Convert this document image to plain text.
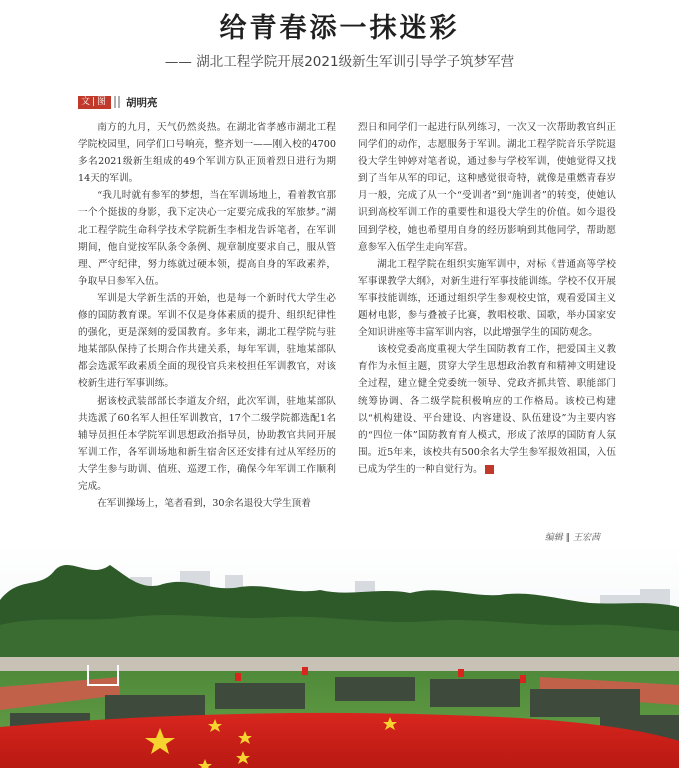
给青春添一抹迷彩
—— 湖北工程学院开展2021级新生军训引导学子筑梦军营
文|图 胡明亮

南方的九月，天气仍然炎热。在湖北省孝感市湖北工程学院校园里，同学们口号响亮，整齐划一——刚入校的4700多名2021级新生组成的49个军训方队正顶着烈日进行为期14天的军训。

“我儿时就有参军的梦想，当在军训场地上，看着教官那一个个挺拔的身影，我下定决心一定要完成我的军旅梦。”湖北工程学院生命科学技术学院新生李相龙告诉笔者，在军训期间，他自觉按军队条令条例、规章制度要求自己，服从管理、严守纪律，努力练就过硬本领，提高自身的军政素养，争取早日参军入伍。

军训是大学新生活的开始，也是每一个新时代大学生必修的国防教育课。军训不仅是身体素质的提升、组织纪律性的强化，更是深刻的爱国教育。多年来，湖北工程学院与驻地某部队保持了长期合作共建关系，每年军训，驻地某部队都会选派军政素质全面的现役官兵来校担任军训教官，对该校新生进行军事训练。

据该校武装部部长李道友介绍，此次军训，驻地某部队共选派了60名军人担任军训教官，17个二级学院都选配1名辅导员担任本学院军训思想政治指导员，协助教官共同开展军训工作，各军训场地和新生宿舍区还安排有过从军经历的大学生参与助训、值班、巡逻工作，确保今年军训工作顺利完成。

在军训操场上，笔者看到，30余名退役大学生顶着

烈日和同学们一起进行队列练习，一次又一次帮助教官纠正同学们的动作，志愿服务于军训。湖北工程学院音乐学院退役大学生钟婷对笔者说，通过参与学校军训，使她觉得又找到了当年从军的印记，这种感觉很奇特，就像是重燃青春岁月一般，完成了从一个“受训者”到“施训者”的转变，使她认识到高校军训工作的重要性和退役大学生的价值。如今退役回到学校，她也希望用自身的经历影响到其他同学，帮助愿意参军入伍学生走向军营。

湖北工程学院在组织实施军训中，对标《普通高等学校军事课教学大纲》，对新生进行军事技能训练。学校不仅开展军事技能训练，还通过组织学生参观校史馆，观看爱国主义题材电影，参与叠被子比赛，教唱校歌、国歌，举办国家安全知识讲座等丰富军训内容，以此增强学生的国防观念。

该校党委高度重视大学生国防教育工作，把爱国主义教育作为永恒主题，贯穿大学生思想政治教育和精神文明建设全过程，建立健全党委统一领导、党政齐抓共管、职能部门统筹协调、各二级学院积极响应的工作格局。该校已构建以“机构建设、平台建设、内容建设、队伍建设”为主要内容的“四位一体”国防教育育人模式，形成了浓厚的国防育人氛围。近5年来，该校共有500余名大学生参军报效祖国，入伍已成为学生的一种自觉行为。	G

编辑 ‖ 王宏茜
